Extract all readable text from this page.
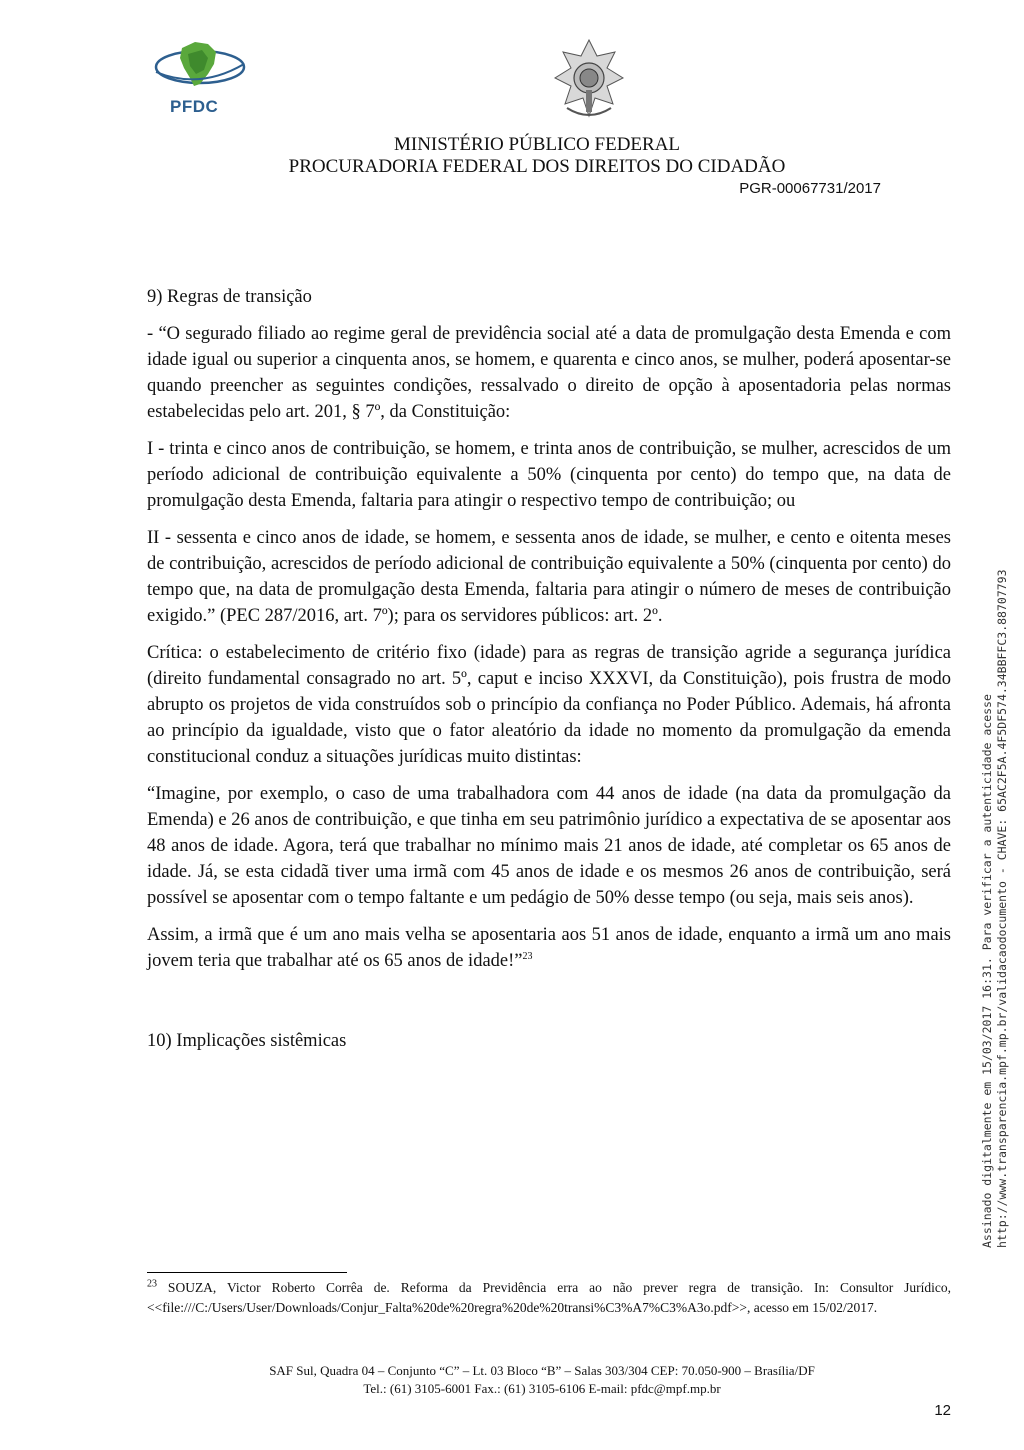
PFDC
MINISTÉRIO PÚBLICO FEDERAL
PROCURADORIA FEDERAL DOS DIREITOS DO CIDADÃO
PGR-00067731/2017

9) Regras de transição

- “O segurado filiado ao regime geral de previdência social até a data de promulgação desta Emenda e com idade igual ou superior a cinquenta anos, se homem, e quarenta e cinco anos, se mulher, poderá aposentar-se quando preencher as seguintes condições, ressalvado o direito de opção à aposentadoria pelas normas estabelecidas pelo art. 201, § 7º, da Constituição:

I - trinta e cinco anos de contribuição, se homem, e trinta anos de contribuição, se mulher, acrescidos de um período adicional de contribuição equivalente a 50% (cinquenta por cento) do tempo que, na data de promulgação desta Emenda, faltaria para atingir o respectivo tempo de contribuição; ou

II - sessenta e cinco anos de idade, se homem, e sessenta anos de idade, se mulher, e cento e oitenta meses de contribuição, acrescidos de período adicional de contribuição equivalente a 50% (cinquenta por cento) do tempo que, na data de promulgação desta Emenda, faltaria para atingir o número de meses de contribuição exigido.” (PEC 287/2016, art. 7º); para os servidores públicos: art. 2º.

Crítica: o estabelecimento de critério fixo (idade) para as regras de transição agride a segurança jurídica (direito fundamental consagrado no art. 5º, caput e inciso XXXVI, da Constituição), pois frustra de modo abrupto os projetos de vida construídos sob o princípio da confiança no Poder Público. Ademais, há afronta ao princípio da igualdade, visto que o fator aleatório da idade no momento da promulgação da emenda constitucional conduz a situações jurídicas muito distintas:

“Imagine, por exemplo, o caso de uma trabalhadora com 44 anos de idade (na data da promulgação da Emenda) e 26 anos de contribuição, e que tinha em seu patrimônio jurídico a expectativa de se aposentar aos 48 anos de idade. Agora, terá que trabalhar no mínimo mais 21 anos de idade, até completar os 65 anos de idade. Já, se esta cidadã tiver uma irmã com 45 anos de idade e os mesmos 26 anos de contribuição, será possível se aposentar com o tempo faltante e um pedágio de 50% desse tempo (ou seja, mais seis anos).

Assim, a irmã que é um ano mais velha se aposentaria aos 51 anos de idade, enquanto a irmã um ano mais jovem teria que trabalhar até os 65 anos de idade!”$^{23}$

10) Implicações sistêmicas	Assinado digitalmente em 15/03/2017 16:31. Para verificar a autenticidade acesse http://www.transparencia.mpf.mp.br/validacaodocumento - CHAVE: 65AC2F5A.4F5DF574.34BBFFC3.88707793
$^{23}$ SOUZA, Victor Roberto Corrêa de. Reforma da Previdência erra ao não prever regra de transição. In: Consultor Jurídico, <<file:///C:/Users/User/Downloads/Conjur_Falta%20de%20regra%20de%20transi%C3%A7%C3%A3o.pdf>>, acesso em 15/02/2017.
SAF Sul, Quadra 04 – Conjunto “C” – Lt. 03 Bloco “B” – Salas 303/304 CEP: 70.050-900 – Brasília/DF
Tel.: (61) 3105-6001 Fax.: (61) 3105-6106 E-mail: pfdc@mpf.mp.br
12
